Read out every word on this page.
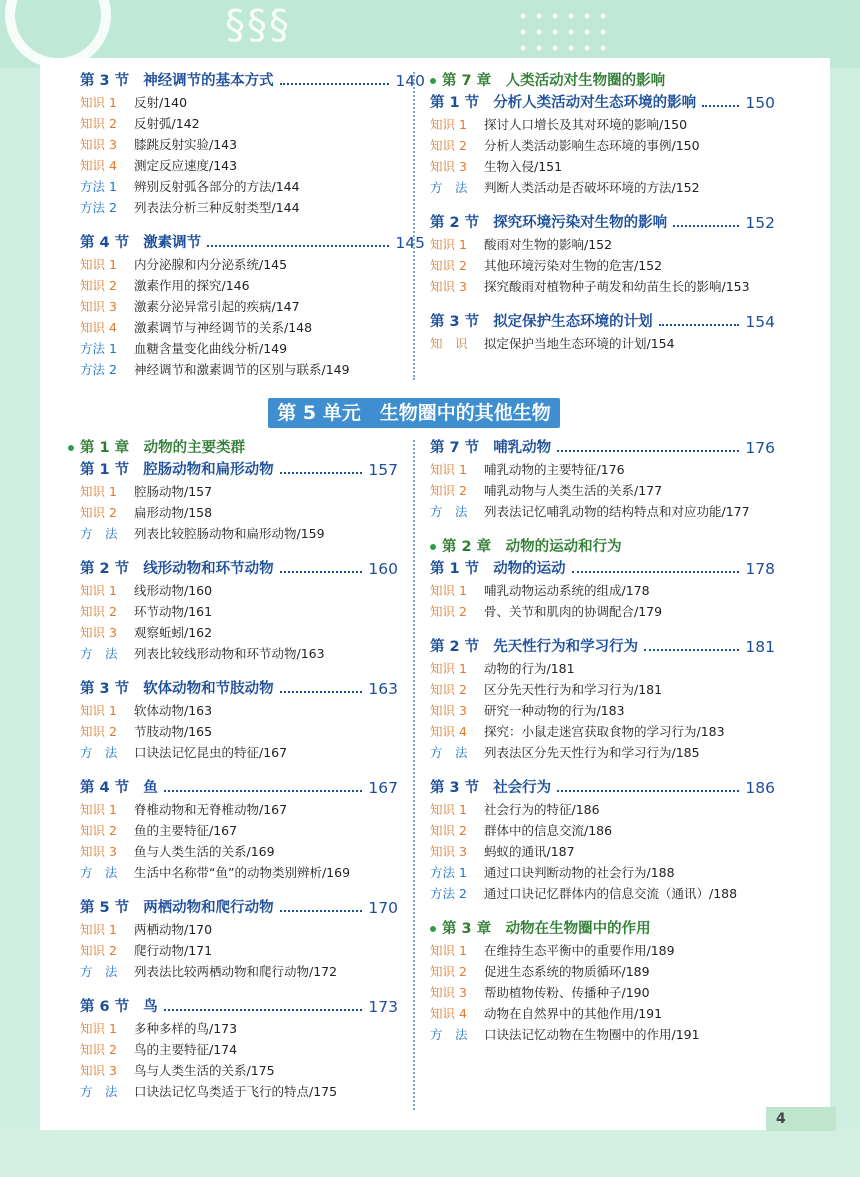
§§§
第 3 节 神经调节的基本方式	140
知识 1	反射/140
知识 2	反射弧/142
知识 3	膝跳反射实验/143
知识 4	测定反应速度/143
方法 1	辨别反射弧各部分的方法/144
方法 2	列表法分析三种反射类型/144
第 4 节 激素调节	145
知识 1	内分泌腺和内分泌系统/145
知识 2	激素作用的探究/146
知识 3	激素分泌异常引起的疾病/147
知识 4	激素调节与神经调节的关系/148
方法 1	血糖含量变化曲线分析/149
方法 2	神经调节和激素调节的区别与联系/149
第 7 章　人类活动对生物圈的影响
第 1 节 分析人类活动对生态环境的影响	150
知识 1	探讨人口增长及其对环境的影响/150
知识 2	分析人类活动影响生态环境的事例/150
知识 3	生物入侵/151
方　法	判断人类活动是否破坏环境的方法/152
第 2 节 探究环境污染对生物的影响	152
知识 1	酸雨对生物的影响/152
知识 2	其他环境污染对生物的危害/152
知识 3	探究酸雨对植物种子萌发和幼苗生长的影响/153
第 3 节 拟定保护生态环境的计划	154
知　识	拟定保护当地生态环境的计划/154
第 5 单元　生物圈中的其他生物
第 1 章　动物的主要类群
第 1 节 腔肠动物和扁形动物	157
知识 1	腔肠动物/157
知识 2	扁形动物/158
方　法	列表比较腔肠动物和扁形动物/159
第 2 节 线形动物和环节动物	160
知识 1	线形动物/160
知识 2	环节动物/161
知识 3	观察蚯蚓/162
方　法	列表比较线形动物和环节动物/163
第 3 节 软体动物和节肢动物	163
知识 1	软体动物/163
知识 2	节肢动物/165
方　法	口诀法记忆昆虫的特征/167
第 4 节 鱼	167
知识 1	脊椎动物和无脊椎动物/167
知识 2	鱼的主要特征/167
知识 3	鱼与人类生活的关系/169
方　法	生活中名称带“鱼”的动物类别辨析/169
第 5 节 两栖动物和爬行动物	170
知识 1	两栖动物/170
知识 2	爬行动物/171
方　法	列表法比较两栖动物和爬行动物/172
第 6 节 鸟	173
知识 1	多种多样的鸟/173
知识 2	鸟的主要特征/174
知识 3	鸟与人类生活的关系/175
方　法	口诀法记忆鸟类适于飞行的特点/175
第 7 节 哺乳动物	176
知识 1	哺乳动物的主要特征/176
知识 2	哺乳动物与人类生活的关系/177
方　法	列表法记忆哺乳动物的结构特点和对应功能/177
第 2 章　动物的运动和行为
第 1 节 动物的运动	178
知识 1	哺乳动物运动系统的组成/178
知识 2	骨、关节和肌肉的协调配合/179
第 2 节 先天性行为和学习行为	181
知识 1	动物的行为/181
知识 2	区分先天性行为和学习行为/181
知识 3	研究一种动物的行为/183
知识 4	探究：小鼠走迷宫获取食物的学习行为/183
方　法	列表法区分先天性行为和学习行为/185
第 3 节 社会行为	186
知识 1	社会行为的特征/186
知识 2	群体中的信息交流/186
知识 3	蚂蚁的通讯/187
方法 1	通过口诀判断动物的社会行为/188
方法 2	通过口诀记忆群体内的信息交流（通讯）/188
第 3 章　动物在生物圈中的作用
知识 1	在维持生态平衡中的重要作用/189
知识 2	促进生态系统的物质循环/189
知识 3	帮助植物传粉、传播种子/190
知识 4	动物在自然界中的其他作用/191
方　法	口诀法记忆动物在生物圈中的作用/191
4
